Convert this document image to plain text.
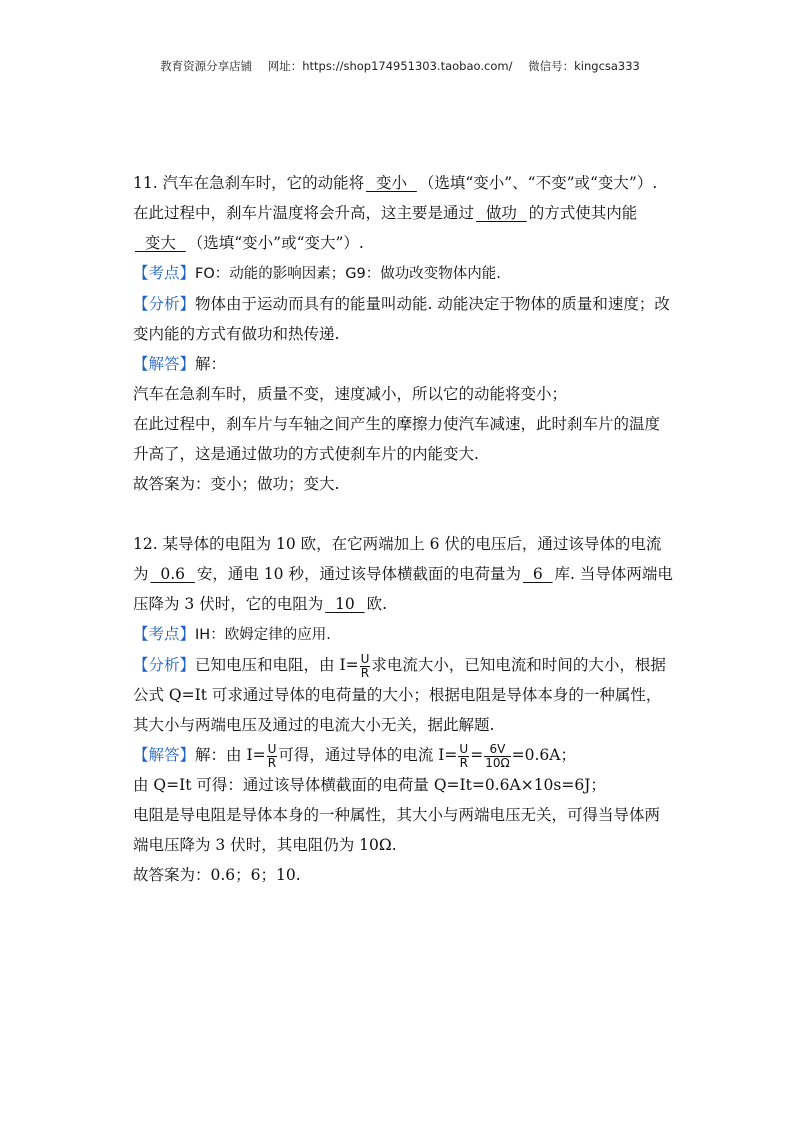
教育资源分享店铺 网址：https://shop174951303.taobao.com/ 微信号：kingcsa333

11. 汽车在急刹车时，它的动能将  变小  （选填“变小”、“不变”或“变大”）. 在此过程中，刹车片温度将会升高，这主要是通过  做功  的方式使其内能  变大  （选填“变小”或“变大”）.

【考点】FO：动能的影响因素；G9：做功改变物体内能.

【分析】物体由于运动而具有的能量叫动能. 动能决定于物体的质量和速度；改变内能的方式有做功和热传递.

【解答】解：

汽车在急刹车时，质量不变，速度减小，所以它的动能将变小；

在此过程中，刹车片与车轴之间产生的摩擦力使汽车减速，此时刹车片的温度升高了，这是通过做功的方式使刹车片的内能变大.

故答案为：变小；做功；变大.

12. 某导体的电阻为 10 欧，在它两端加上 6 伏的电压后，通过该导体的电流为  0.6  安，通电 10 秒，通过该导体横截面的电荷量为  6  库. 当导体两端电压降为 3 伏时，它的电阻为  10  欧.

【考点】IH：欧姆定律的应用.

【分析】已知电压和电阻，由 $I= \frac{U}{R}$ 求电流大小，已知电流和时间的大小，根据公式 Q=It 可求通过导体的电荷量的大小；根据电阻是导体本身的一种属性，其大小与两端电压及通过的电流大小无关，据此解题.

【解答】解：由 $I= \frac{U}{R}$ 可得，通过导体的电流 $I= \frac{U}{R} = \frac{6V}{10\Omega} =0.6A$；

由 Q=It 可得：通过该导体横截面的电荷量 Q=It=0.6A×10s=6J；

电阻是导电阻是导体本身的一种属性，其大小与两端电压无关，可得当导体两端电压降为 3 伏时，其电阻仍为 10Ω.

故答案为：0.6；6；10.
